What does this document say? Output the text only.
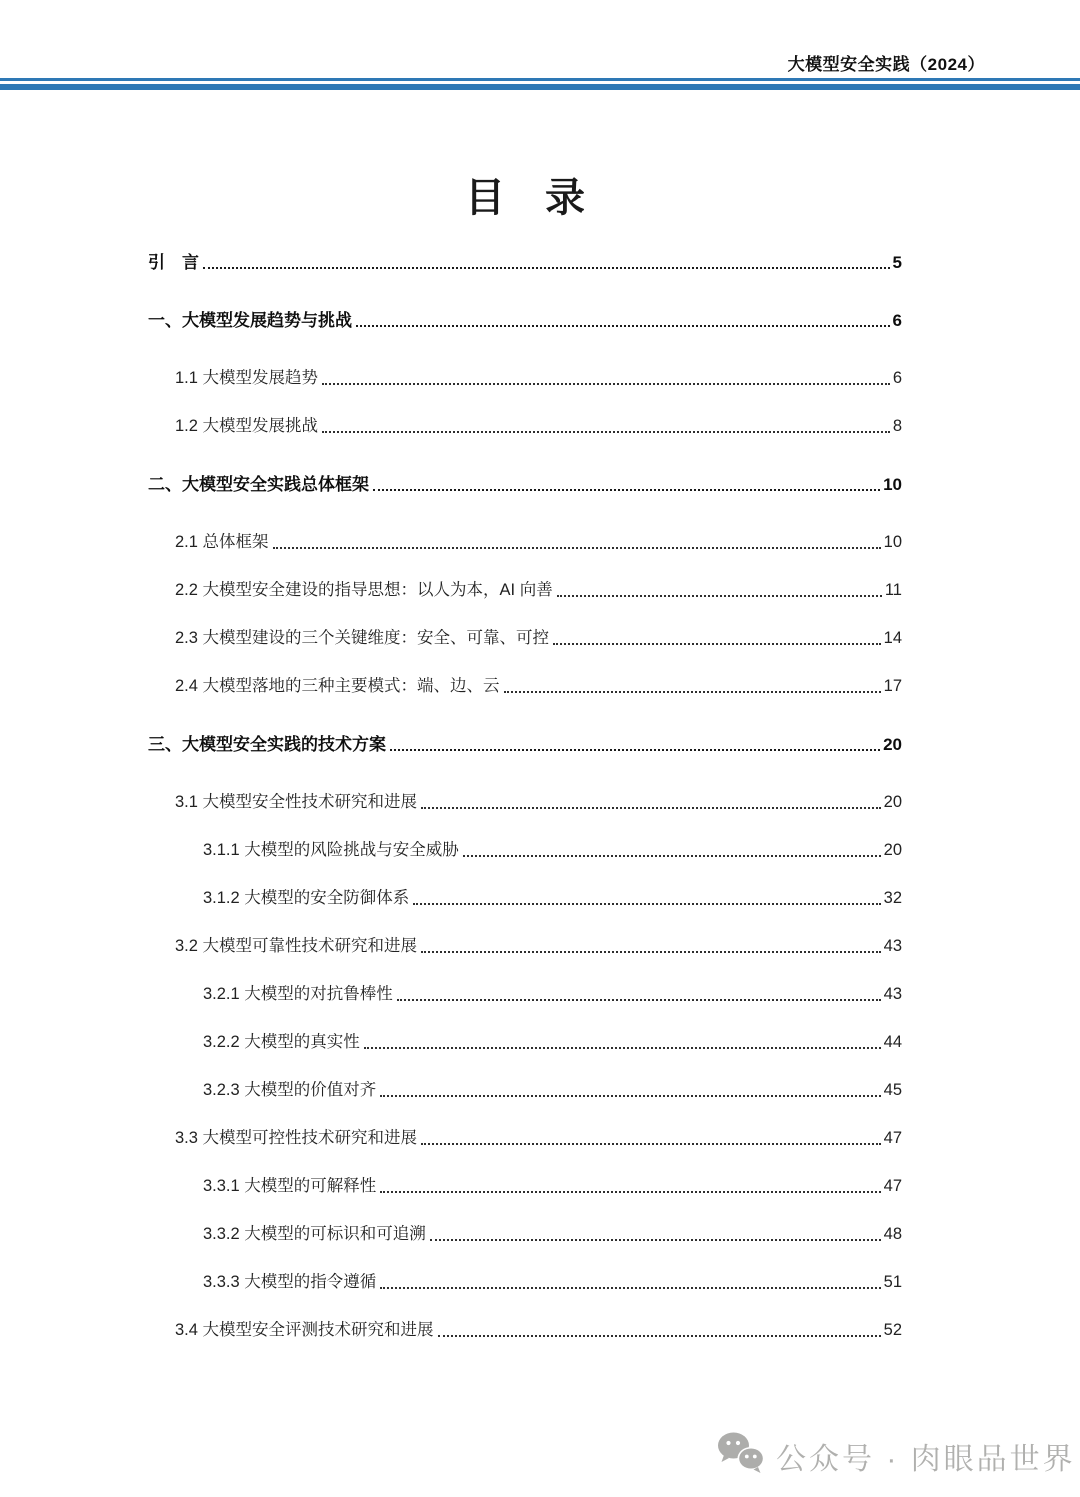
大模型安全实践（2024）
目　录
引　言	5
一、大模型发展趋势与挑战	6
1.1 大模型发展趋势	6
1.2 大模型发展挑战	8
二、大模型安全实践总体框架	10
2.1 总体框架	10
2.2 大模型安全建设的指导思想：以人为本，AI 向善	11
2.3 大模型建设的三个关键维度：安全、可靠、可控	14
2.4 大模型落地的三种主要模式：端、边、云	17
三、大模型安全实践的技术方案	20
3.1 大模型安全性技术研究和进展	20
3.1.1 大模型的风险挑战与安全威胁	20
3.1.2 大模型的安全防御体系	32
3.2 大模型可靠性技术研究和进展	43
3.2.1 大模型的对抗鲁棒性	43
3.2.2 大模型的真实性	44
3.2.3 大模型的价值对齐	45
3.3 大模型可控性技术研究和进展	47
3.3.1 大模型的可解释性	47
3.3.2 大模型的可标识和可追溯	48
3.3.3 大模型的指令遵循	51
3.4 大模型安全评测技术研究和进展	52
公众号 · 肉眼品世界
